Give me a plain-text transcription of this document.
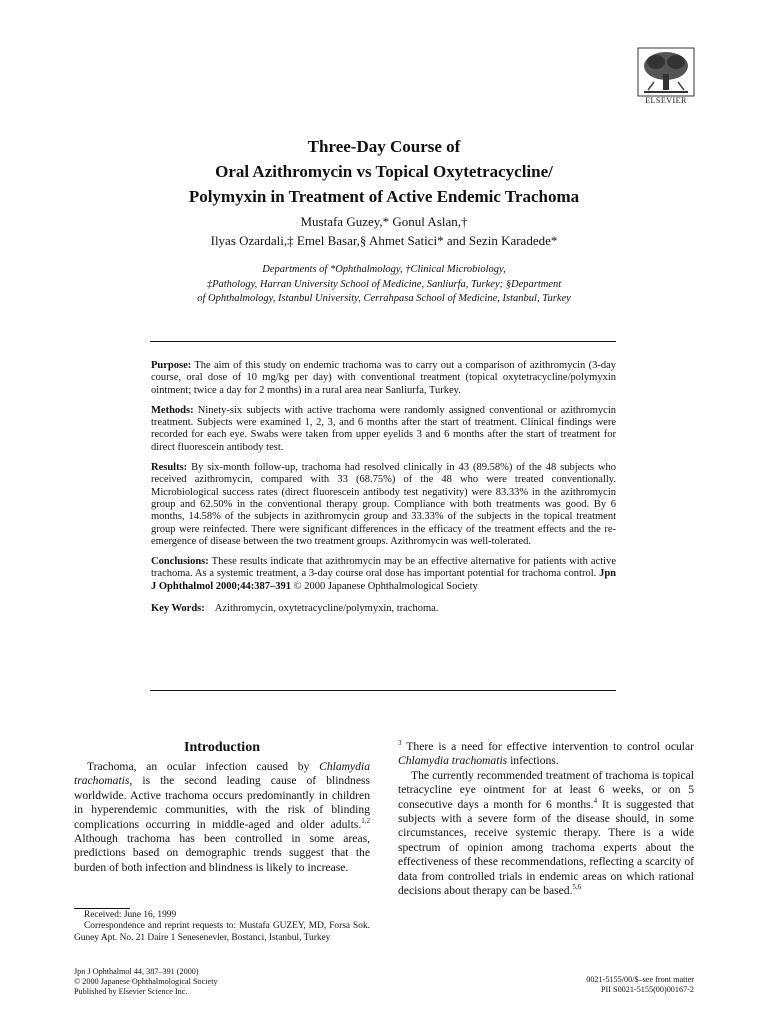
ELSEVIER
Three-Day Course of
Oral Azithromycin vs Topical Oxytetracycline/
Polymyxin in Treatment of Active Endemic Trachoma
Mustafa Guzey,* Gonul Aslan,†
Ilyas Ozardali,‡ Emel Basar,§ Ahmet Satici* and Sezin Karadede*
Departments of *Ophthalmology, †Clinical Microbiology,
‡Pathology, Harran University School of Medicine, Sanliurfa, Turkey; §Department
of Ophthalmology, Istanbul University, Cerrahpasa School of Medicine, Istanbul, Turkey

Purpose: The aim of this study on endemic trachoma was to carry out a comparison of azithromycin (3-day course, oral dose of 10 mg/kg per day) with conventional treatment (topical oxytetracycline/polymyxin ointment; twice a day for 2 months) in a rural area near Sanliurfa, Turkey.

Methods: Ninety-six subjects with active trachoma were randomly assigned conventional or azithromycin treatment. Subjects were examined 1, 2, 3, and 6 months after the start of treatment. Clinical findings were recorded for each eye. Swabs were taken from upper eyelids 3 and 6 months after the start of treatment for direct fluorescein antibody test.

Results: By six-month follow-up, trachoma had resolved clinically in 43 (89.58%) of the 48 subjects who received azithromycin, compared with 33 (68.75%) of the 48 who were treated conventionally. Microbiological success rates (direct fluorescein antibody test negativity) were 83.33% in the azithromycin group and 62.50% in the conventional therapy group. Compliance with both treatments was good. By 6 months, 14.58% of the subjects in azithromycin group and 33.33% of the subjects in the topical treatment group were reinfected. There were significant differences in the efficacy of the treatment effects and the re-emergence of disease between the two treatment groups. Azithromycin was well-tolerated.

Conclusions: These results indicate that azithromycin may be an effective alternative for patients with active trachoma. As a systemic treatment, a 3-day course oral dose has important potential for trachoma control. Jpn J Ophthalmol 2000;44:387–391 © 2000 Japanese Ophthalmological Society

Key Words: Azithromycin, oxytetracycline/polymyxin, trachoma.

Introduction

Trachoma, an ocular infection caused by Chlamydia trachomatis, is the second leading cause of blindness worldwide. Active trachoma occurs predominantly in children in hyperendemic communities, with the risk of blinding complications occurring in middle-aged and older adults.$^{1,2}$ Although trachoma has been controlled in some areas, predictions based on demographic trends suggest that the burden of both infection and blindness is likely to increase.

$^3$ There is a need for effective intervention to control ocular Chlamydia trachomatis infections.

The currently recommended treatment of trachoma is topical tetracycline eye ointment for at least 6 weeks, or on 5 consecutive days a month for 6 months.$^4$ It is suggested that subjects with a severe form of the disease should, in some circumstances, receive systemic therapy. There is a wide spectrum of opinion among trachoma experts about the effectiveness of these recommendations, reflecting a scarcity of data from controlled trials in endemic areas on which rational decisions about therapy can be based.$^{5,6}$

Received: June 16, 1999

Correspondence and reprint requests to: Mustafa GUZEY, MD, Forsa Sok. Guney Apt. No. 21 Daire 1 Senesenevler, Bostanci, Istanbul, Turkey

Jpn J Ophthalmol 44, 387–391 (2000)
© 2000 Japanese Ophthalmological Society
Published by Elsevier Science Inc.
0021-5155/00/$–see front matter
PII S0021-5155(00)00167-2
